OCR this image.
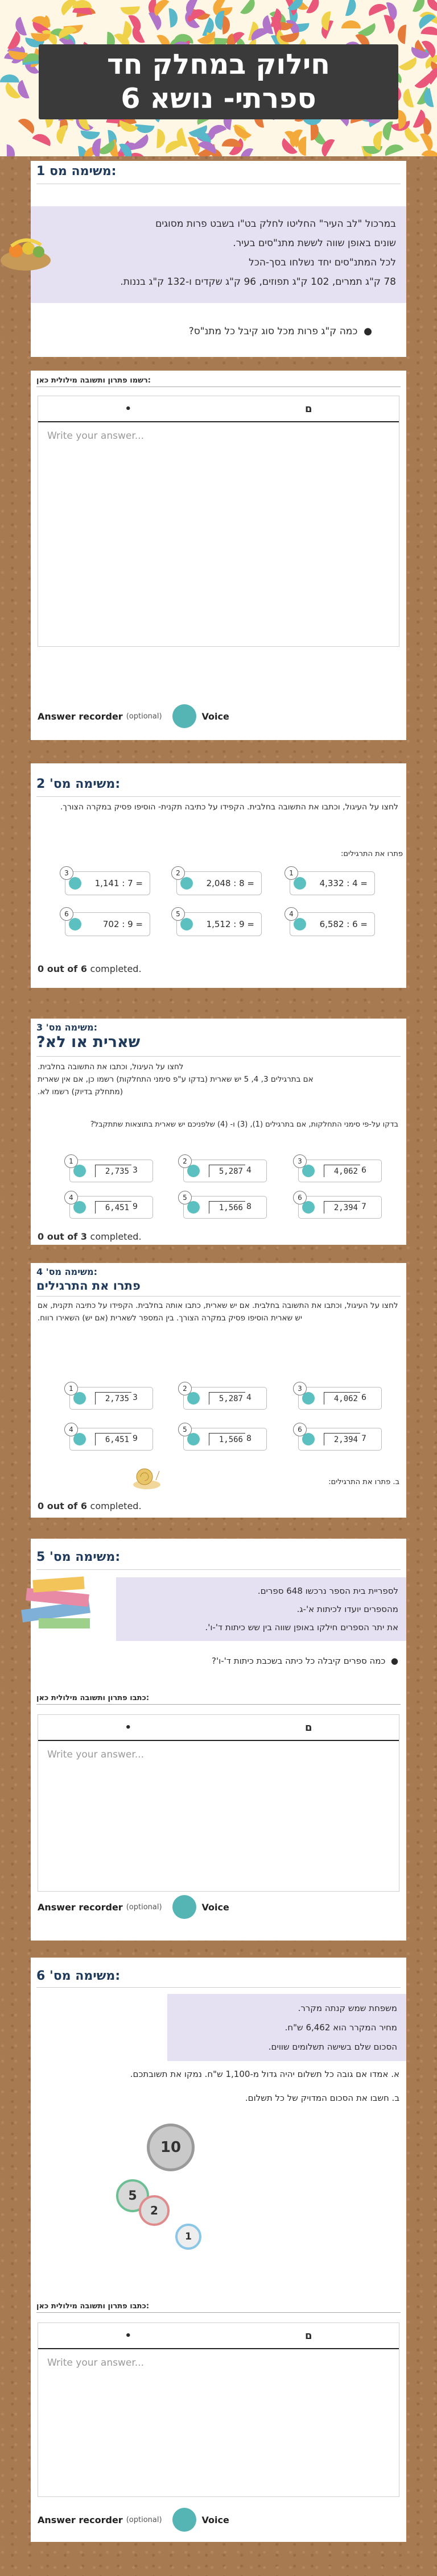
חילוק במחלק חד
ספרתי- נושא 6
משימה מס 1:
במרכול "לב העיר" החליטו לחלק בט"ו בשבט פרות מסוגים
שונים באופן שווה לששת מתנ"סים בעיר.
לכל המתנ"סים יחד נשלחו בסך-הכל
78 ק"ג תמרים, 102 ק"ג תפוזים, 96 ק"ג שקדים ו-132 ק"ג בננות.
●  כמה ק"ג פרות מכל סוג קיבל כל מתנ"ס?
רשמו פתרון ותשובה מילולית כאן:
•	ם
Write your answer...
Answer recorder (optional)	Voice
משימה מס' 2:
לחצו על העיגול, וכתבו את התשובה בחלבית. הקפידו על כתיבה תקנית- הוסיפו פסיק במקרה הצורך.
פתרו את התרגילים:
1
4,332 : 4 =
2
2,048 : 8 =
3
1,141 : 7 =
4
6,582 : 6 =
5
1,512 : 9 =
6
702 : 9 =
0 out of 6 completed.
משימה מס' 3:
שארית או לא?
לחצו על העיגול, וכתבו את התשובה בחלבית.
אם בתרגילים 3, 4, 5 יש שארית (בדקו ע"פ סימני התחלקות) רשמו כן, אם אין שארית
(מתחלק בדיוק) רשמו לא.
בדקו על-פי סימני התחלקות, אם בתרגילים (1), (3) ו- (4) שלפניכם יש שארית בתוצאות שתתקבל?
3
4,062 6
2
5,287 4
1
2,735 3
6
2,394 7
5
1,566 8
4
6,451 9
0 out of 3 completed.
משימה מס' 4:
פתרו את התרגילים
לחצו על העיגול, וכתבו את התשובה בחלבית. אם יש שארית, כתבו אותה בחלבית. הקפידו על כתיבה תקנית, אם יש שארית הוסיפו פסיק במקרה הצורך. בין המספר לשארית (אם יש) השאירו רווח.
3
4,062 6
2
5,287 4
1
2,735 3
6
2,394 7
5
1,566 8
4
6,451 9
ב. פתרו את התרגילים:
0 out of 6 completed.
משימה מס' 5:
לספריית בית הספר נרכשו 648 ספרים.
מהספרים יועדו לכיתות א'-ג.
את יתר הספרים חילקו באופן שווה בין שש כיתות ד'-ו'.
●  כמה ספרים קיבלה כל כיתה בשכבת כיתות ד'-ו'?
כתבו פתרון ותשובה מילולית כאן:
•	ם
Write your answer...
Answer recorder (optional)	Voice
משימה מס' 6:
משפחת שמש קנתה מקרר.
מחיר המקרר הוא 6,462 ש"ח.
הסכום שלם בשישה תשלומים שווים.
א. אמדו אם גובה כל תשלום יהיה גדול מ-1,100 ש"ח. נמקו את תשובתכם.
ב. חשבו את הסכום המדויק של כל תשלום.
10
5
2
1
כתבו פתרון ותשובה מילולית כאן:
•	ם
Write your answer...
Answer recorder (optional)	Voice
